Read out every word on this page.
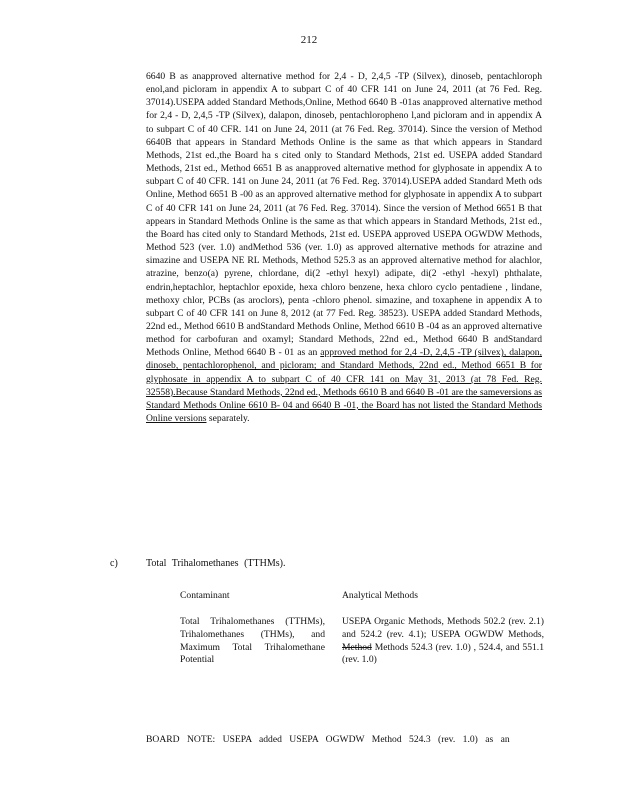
212
6640 B as anapproved alternative method for 2,4 - D, 2,4,5 -TP (Silvex), dinoseb, pentachloroph enol,and picloram in appendix A to subpart C of 40 CFR 141 on June 24, 2011 (at 76 Fed. Reg. 37014).USEPA added Standard Methods,Online, Method 6640 B -01as anapproved alternative method for 2,4 - D, 2,4,5 -TP (Silvex), dalapon, dinoseb, pentachloropheno l,and picloram and in appendix A to subpart C of 40 CFR. 141 on June 24, 2011 (at 76 Fed. Reg. 37014). Since the version of Method 6640B that appears in Standard Methods Online is the same as that which appears in Standard Methods, 21st ed.,the Board ha s cited only to Standard Methods, 21st ed. USEPA added Standard Methods, 21st ed., Method 6651 B as anapproved alternative method for glyphosate in appendix A to subpart C of 40 CFR. 141 on June 24, 2011 (at 76 Fed. Reg. 37014).USEPA added Standard Meth ods Online, Method 6651 B -00 as an approved alternative method for glyphosate in appendix A to subpart C of 40 CFR 141 on June 24, 2011 (at 76 Fed. Reg. 37014). Since the version of Method 6651 B that appears in Standard Methods Online is the same as that which appears in Standard Methods, 21st ed., the Board has cited only to Standard Methods, 21st ed. USEPA approved USEPA OGWDW Methods, Method 523 (ver. 1.0) andMethod 536 (ver. 1.0) as approved alternative methods for atrazine and simazine and USEPA NE RL Methods, Method 525.3 as an approved alternative method for alachlor, atrazine, benzo(a) pyrene, chlordane, di(2 -ethyl hexyl) adipate, di(2 -ethyl -hexyl) phthalate, endrin,heptachlor, heptachlor epoxide, hexa chloro benzene, hexa chloro cyclo pentadiene , lindane, methoxy chlor, PCBs (as aroclors), penta -chloro phenol. simazine, and toxaphene in appendix A to subpart C of 40 CFR 141 on June 8, 2012 (at 77 Fed. Reg. 38523). USEPA added Standard Methods, 22nd ed., Method 6610 B andStandard Methods Online, Method 6610 B -04 as an approved alternative method for carbofuran and oxamyl; Standard Methods, 22nd ed., Method 6640 B andStandard Methods Online, Method 6640 B - 01 as an approved method for 2,4 -D, 2,4,5 -TP (silvex), dalapon, dinoseb, pentachlorophenol, and picloram; and Standard Methods, 22nd ed., Method 6651 B for glyphosate in appendix A to subpart C of 40 CFR 141 on May 31, 2013 (at 78 Fed. Reg. 32558).Because Standard Methods, 22nd ed., Methods 6610 B and 6640 B -01 are the sameversions as Standard Methods Online 6610 B- 04 and 6640 B -01, the Board has not listed the Standard Methods Online versions separately.
c)	Total Trihalomethanes (TTHMs).
Contaminant	Analytical Methods
Total Trihalomethanes (TTHMs), Trihalomethanes (THMs), and Maximum Total Trihalomethane Potential
USEPA Organic Methods, Methods 502.2 (rev. 2.1) and 524.2 (rev. 4.1); USEPA OGWDW Methods, Method Methods 524.3 (rev. 1.0) , 524.4, and 551.1 (rev. 1.0)
BOARD NOTE: USEPA added USEPA OGWDW Method 524.3 (rev. 1.0) as an
